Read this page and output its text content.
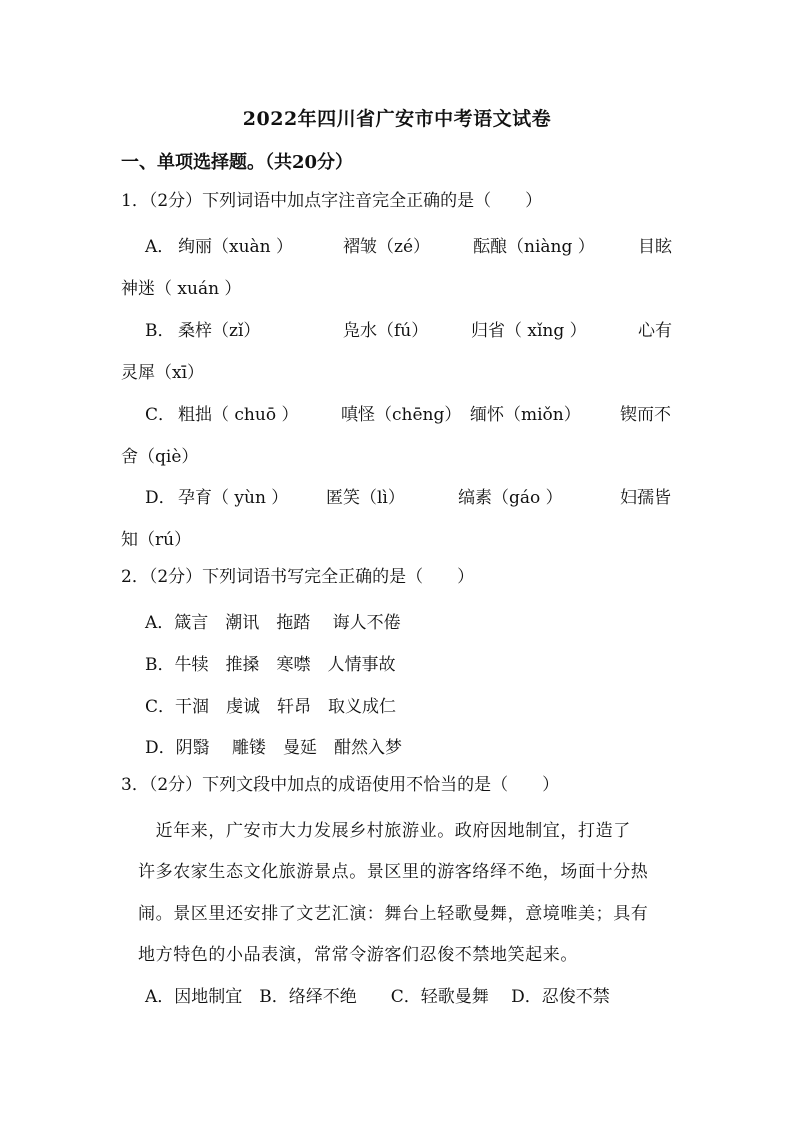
2022年四川省广安市中考语文试卷
一、单项选择题。（共20分）
1．（2分）下列词语中加点字注音完全正确的是（　　）
A． 绚丽（xuàn ）	褶皱（zé）	酝酿（niàng ）	目眩
神迷（ xuán ）
B． 桑梓（zǐ）	凫水（fú）	归省（ xǐng ）	心有
灵犀（xī）
C． 粗拙（ chuō ）	嗔怪（chēng） 缅怀（miǒn） 锲而不
舍（qiè）
D． 孕育（ yùn ） 匿笑（lì）	缟素（gáo ）	妇孺皆
知（rú）
2．（2分）下列词语书写完全正确的是（　　）
A．箴言　潮讯　拖踏　 诲人不倦
B．牛犊　推搡　寒噤　人情事故
C．干涸　虔诚　轩昂　取义成仁
D．阴翳　 雕镂　曼延　酣然入梦
3．（2分）下列文段中加点的成语使用不恰当的是（　　）
　近年来，广安市大力发展乡村旅游业。政府因地制宜，打造了
许多农家生态文化旅游景点。景区里的游客络绎不绝，场面十分热
闹。景区里还安排了文艺汇演：舞台上轻歌曼舞，意境唯美；具有
地方特色的小品表演，常常令游客们忍俊不禁地笑起来。
A．因地制宜　B．络绎不绝　　C．轻歌曼舞　 D．忍俊不禁
